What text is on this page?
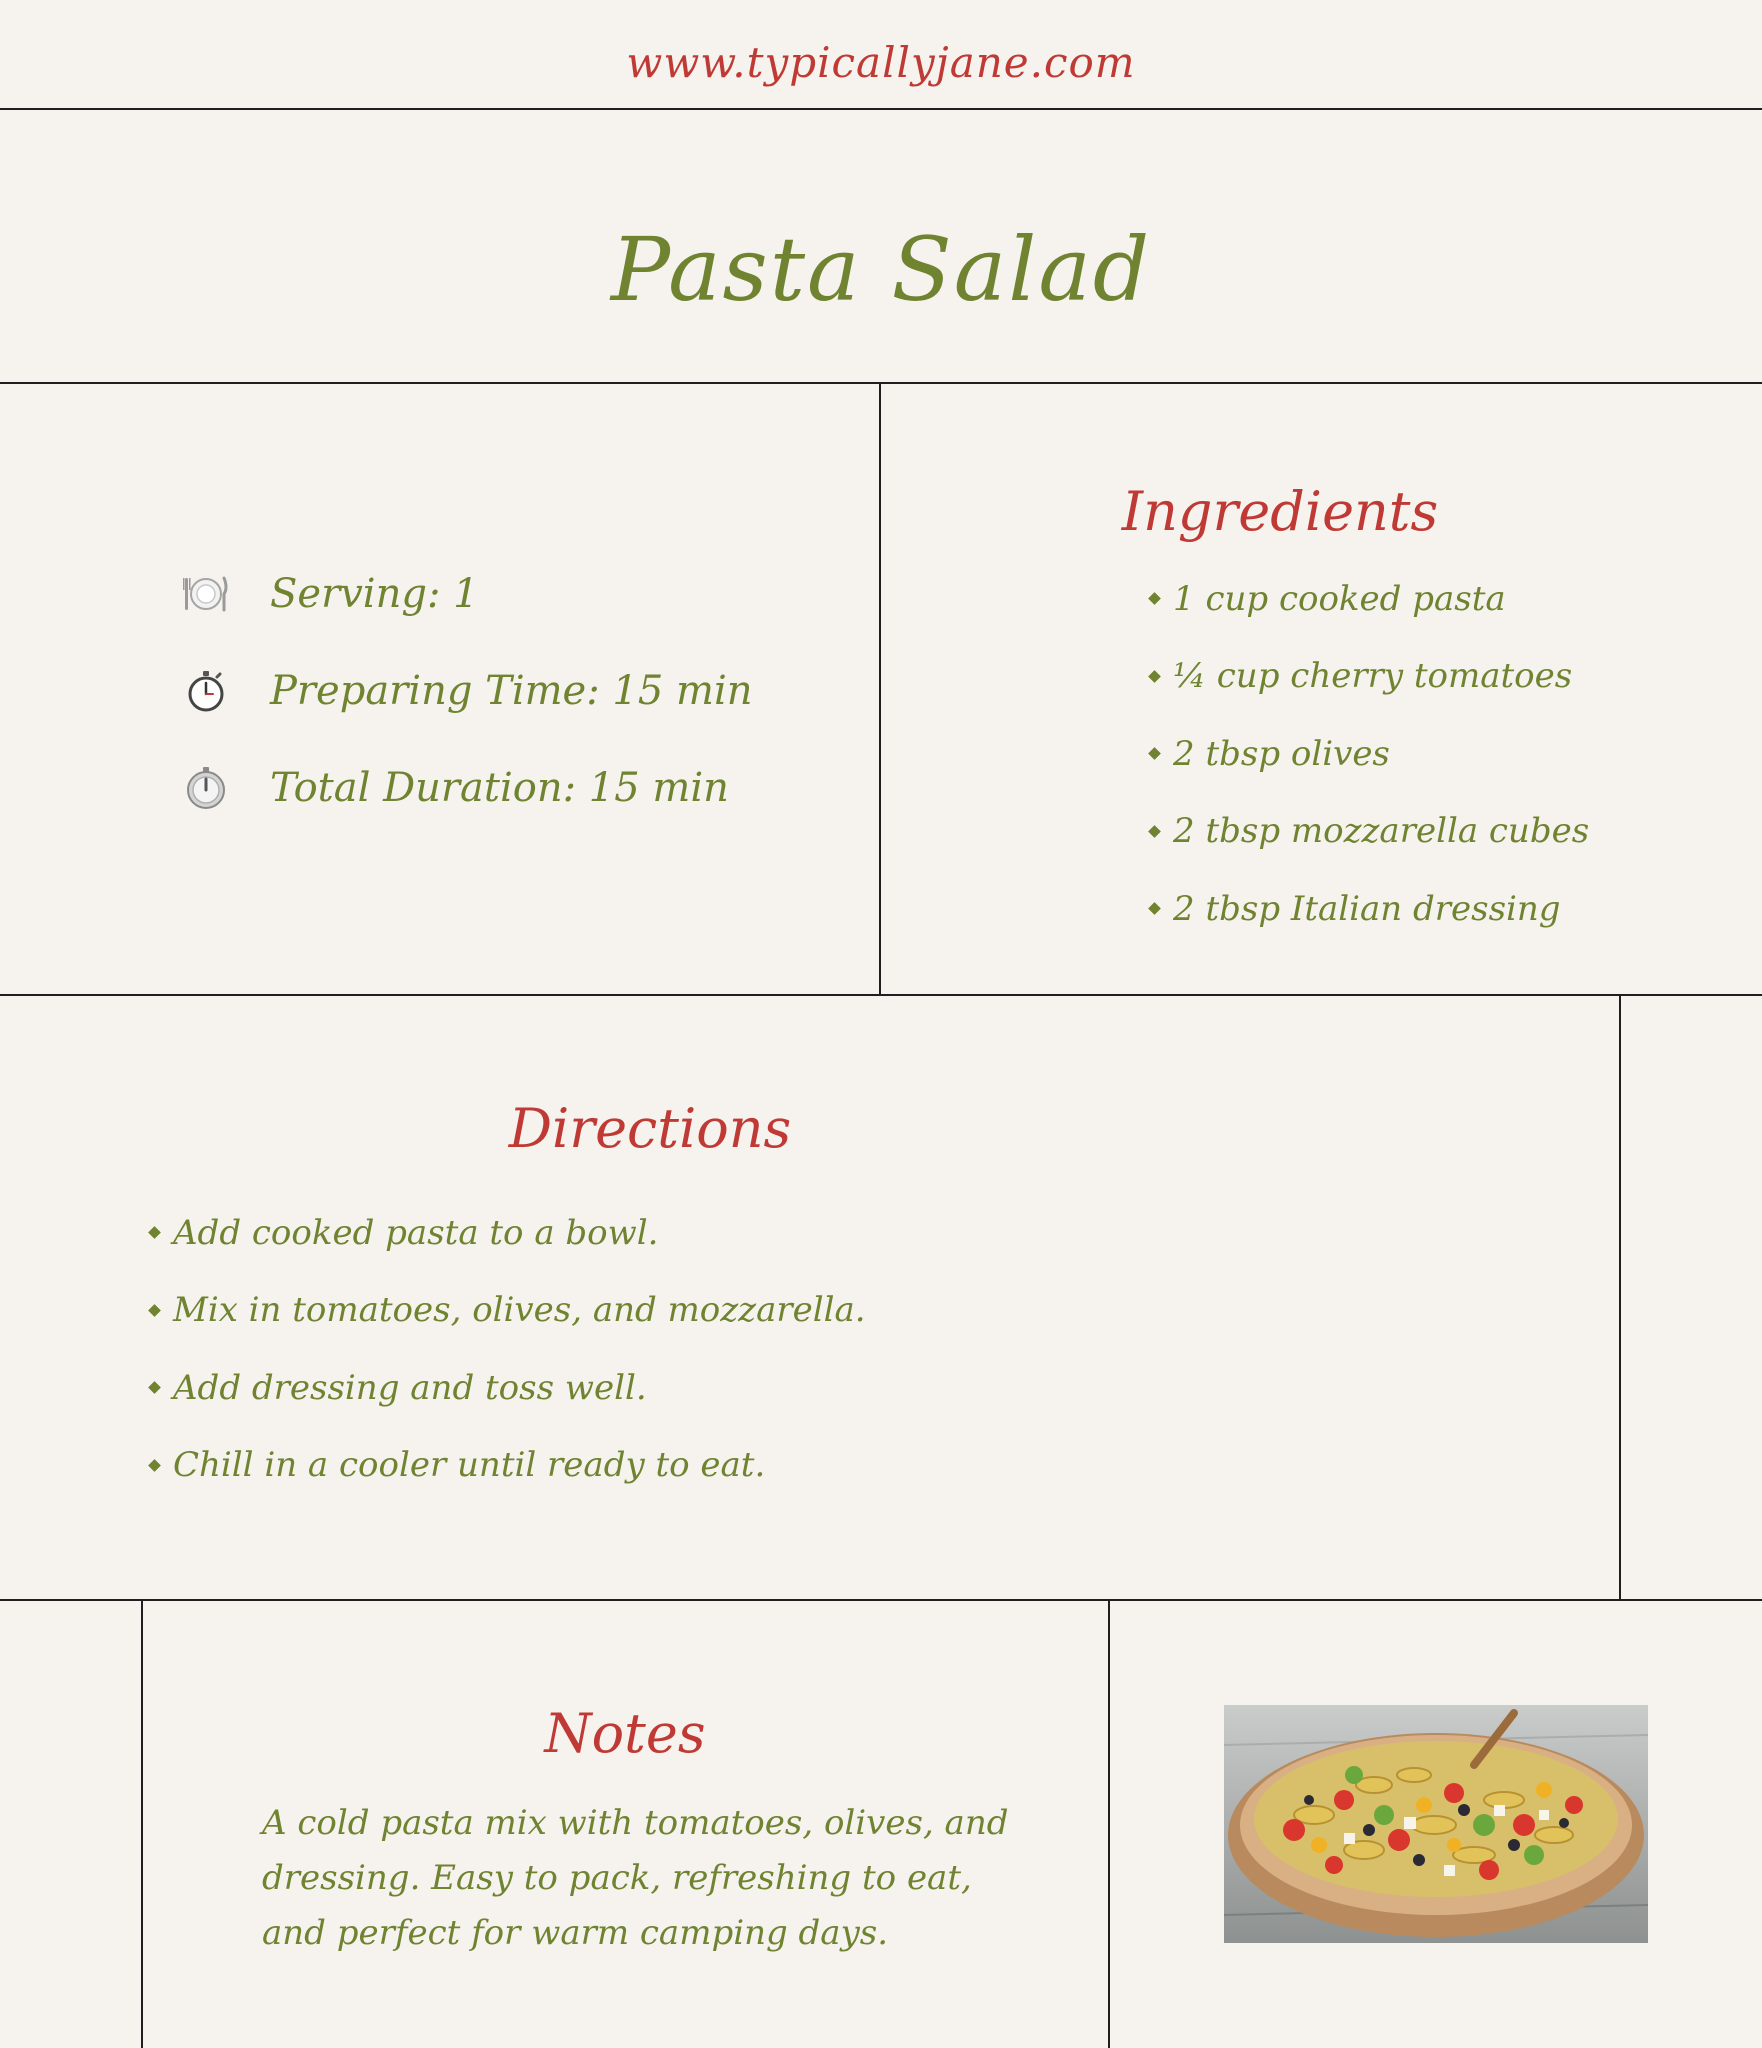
www.typicallyjane.com
Pasta Salad
Serving: 1
Preparing Time: 15 min
Total Duration: 15 min
Ingredients
1 cup cooked pasta
¼ cup cherry tomatoes
2 tbsp olives
2 tbsp mozzarella cubes
2 tbsp Italian dressing
Directions
Add cooked pasta to a bowl.
Mix in tomatoes, olives, and mozzarella.
Add dressing and toss well.
Chill in a cooler until ready to eat.
Notes
A cold pasta mix with tomatoes, olives, and dressing. Easy to pack, refreshing to eat, and perfect for warm camping days.
